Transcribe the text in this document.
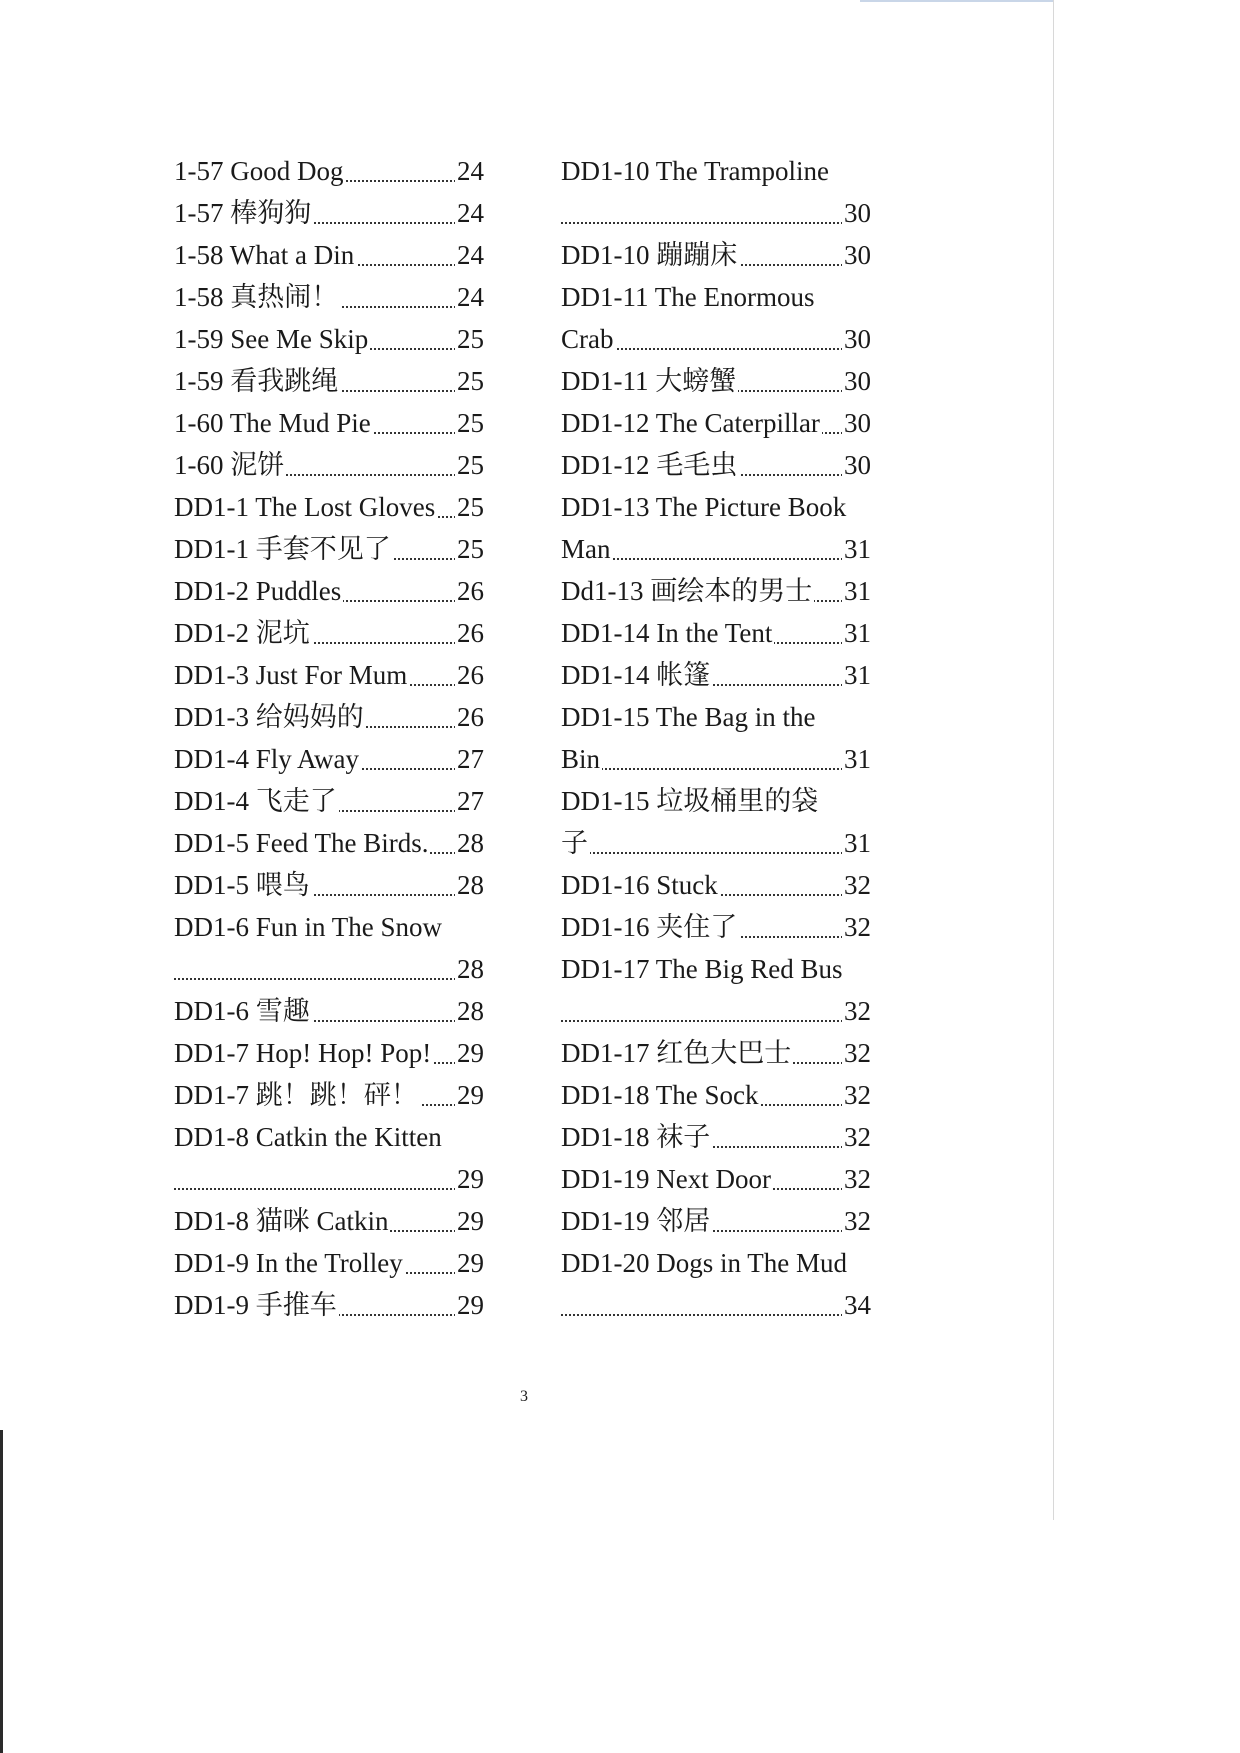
1-57 Good Dog	24
1-57 棒狗狗	24
1-58 What a Din	24
1-58 真热闹！	24
1-59 See Me Skip	25
1-59 看我跳绳	25
1-60 The Mud Pie	25
1-60 泥饼	25
DD1-1 The Lost Gloves 25
DD1-1 手套不见了 25
DD1-2 Puddles	26
DD1-2 泥坑	26
DD1-3 Just For Mum 26
DD1-3 给妈妈的	26
DD1-4 Fly Away	27
DD1-4 飞走了	27
DD1-5 Feed The Birds. 28
DD1-5 喂鸟	28
DD1-6 Fun in The Snow
28
DD1-6 雪趣	28
DD1-7 Hop! Hop! Pop! 29
DD1-7 跳！跳！砰！ 29
DD1-8 Catkin the Kitten
29
DD1-8 猫咪 Catkin	29
DD1-9 In the Trolley 29
DD1-9 手推车	29
DD1-10 The Trampoline
30
DD1-10 蹦蹦床	30
DD1-11 The Enormous
Crab	30
DD1-11 大螃蟹	30
DD1-12 The Caterpillar 30
DD1-12 毛毛虫	30
DD1-13 The Picture Book
Man	31
Dd1-13 画绘本的男士 31
DD1-14 In the Tent	31
DD1-14 帐篷	31
DD1-15 The Bag in the
Bin	31
DD1-15 垃圾桶里的袋
子	31
DD1-16 Stuck	32
DD1-16 夹住了	32
DD1-17 The Big Red Bus
32
DD1-17 红色大巴士 32
DD1-18 The Sock	32
DD1-18 袜子	32
DD1-19 Next Door	32
DD1-19 邻居	32
DD1-20 Dogs in The Mud
34
3
